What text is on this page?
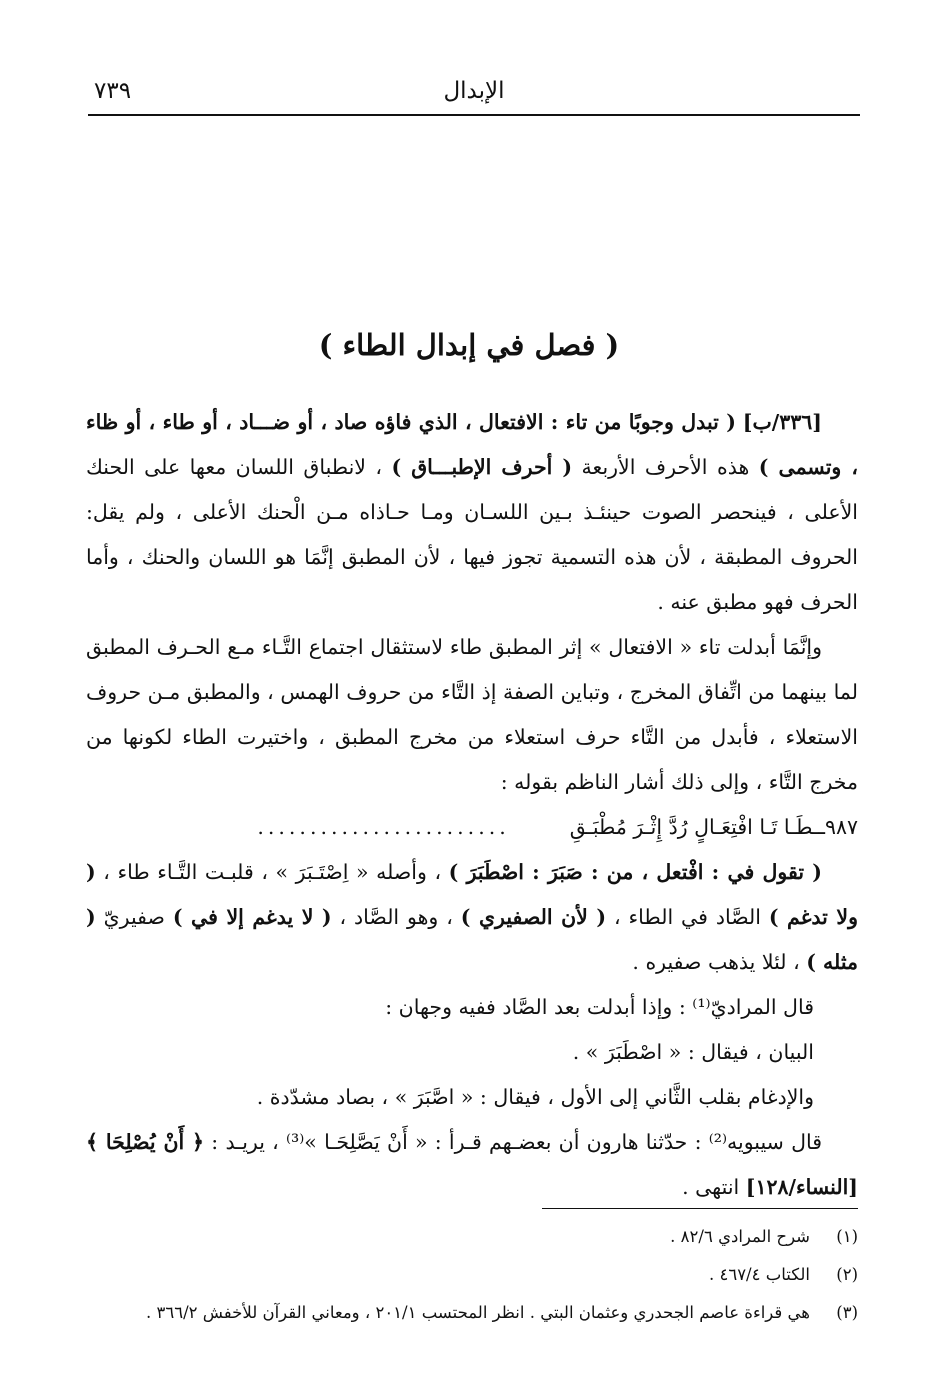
الإبدال
٧٣٩
( فصل في إبدال الطاء )

[٣٣٦/ب] ( تبدل وجوبًا من تاء : الافتعال ، الذي فاؤه صاد ، أو ضـــاد ، أو طاء ، أو ظاء ، وتسمى ) هذه الأحرف الأربعة ( أحرف الإطبـــاق ) ، لانطباق اللسان معها على الحنك الأعلى ، فينحصر الصوت حينئـذ بـين اللسـان ومـا حـاذاه مـن الْحنك الأعلى ، ولم يقل: الحروف المطبقة ، لأن هذه التسمية تجوز فيها ، لأن المطبق إنَّمَا هو اللسان والحنك ، وأما الحرف فهو مطبق عنه .

وإنَّمَا أبدلت تاء « الافتعال » إثر المطبق طاء لاستثقال اجتماع التَّـاء مـع الحـرف المطبق لما بينهما من اتِّفاق المخرج ، وتباين الصفة إذ التَّاء من حروف الهمس ، والمطبق مـن حروف الاستعلاء ، فأبدل من التَّاء حرف استعلاء من مخرج المطبق ، واختيرت الطاء لكونها من مخرج التَّاء ، وإلى ذلك أشار الناظم بقوله :

٩٨٧ــطَـا تَـا افْتِعَـالٍ رُدَّ إِثْـرَ مُطْبَـقِ
........................

( تقول في : افْتعل ، من : صَبَرَ : اصْطَبَرَ ) ، وأصله « اِصْتَـبَرَ » ، قلبـت التَّـاء طاء ، ( ولا تدغم ) الصَّاد في الطاء ، ( لأن الصفيري ) ، وهو الصَّاد ، ( لا يدغم إلا في ) صفيريّ ( مثله ) ، لئلا يذهب صفيره .

قال المراديّ⁽¹⁾ : وإذا أبدلت بعد الصَّاد ففيه وجهان :

البيان ، فيقال : « اصْطَبَرَ » .

والإدغام بقلب الثَّاني إلى الأول ، فيقال : « اصَّبَرَ » ، بصاد مشدّدة .

قال سيبويه⁽²⁾ : حدّثنا هارون أن بعضـهم قـرأ : « أَنْ يَصَّلِحَـا »⁽³⁾ ، يريـد : ﴿ أَنْ يُصْلِحَا ﴾ [النساء/١٢٨] انتهى .

(١)
شرح المرادي ٨٢/٦ .
(٢)
الكتاب ٤٦٧/٤ .
(٣)
هي قراءة عاصم الجحدري وعثمان البتي . انظر المحتسب ٢٠١/١ ، ومعاني القرآن للأخفش ٣٦٦/٢ .
